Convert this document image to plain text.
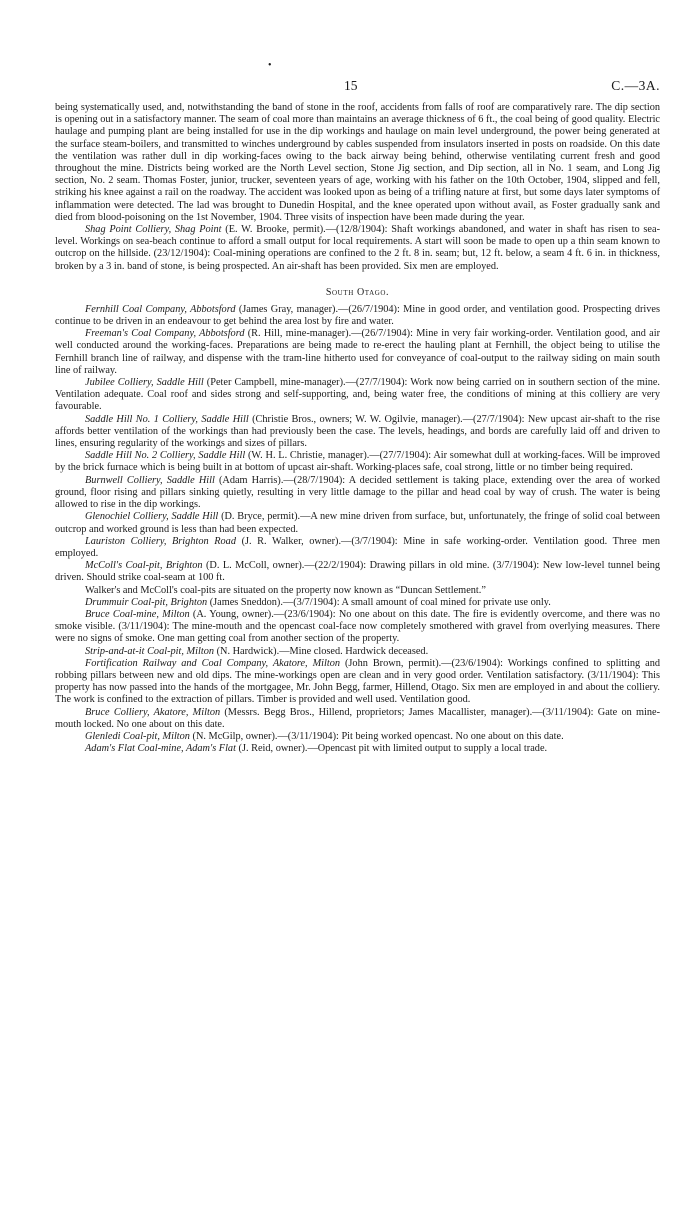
•
15	C.—3A.

being systematically used, and, notwithstanding the band of stone in the roof, accidents from falls of roof are comparatively rare. The dip section is opening out in a satisfactory manner. The seam of coal more than maintains an average thickness of 6 ft., the coal being of good quality. Electric haulage and pumping plant are being installed for use in the dip workings and haulage on main level underground, the power being generated at the surface steam-boilers, and transmitted to winches underground by cables suspended from insulators inserted in posts on roadside. On this date the ventilation was rather dull in dip working-faces owing to the back airway being behind, otherwise ventilating current fresh and good throughout the mine. Districts being worked are the North Level section, Stone Jig section, and Dip section, all in No. 1 seam, and Long Jig section, No. 2 seam. Thomas Foster, junior, trucker, seventeen years of age, working with his father on the 10th October, 1904, slipped and fell, striking his knee against a rail on the roadway. The accident was looked upon as being of a trifling nature at first, but some days later symptoms of inflammation were detected. The lad was brought to Dunedin Hospital, and the knee operated upon without avail, as Foster gradually sank and died from blood-poisoning on the 1st November, 1904. Three visits of inspection have been made during the year.

Shag Point Colliery, Shag Point (E. W. Brooke, permit).—(12/8/1904): Shaft workings abandoned, and water in shaft has risen to sea-level. Workings on sea-beach continue to afford a small output for local requirements. A start will soon be made to open up a thin seam known to outcrop on the hillside. (23/12/1904): Coal-mining operations are confined to the 2 ft. 8 in. seam; but, 12 ft. below, a seam 4 ft. 6 in. in thickness, broken by a 3 in. band of stone, is being prospected. An air-shaft has been provided. Six men are employed.

South Otago.

Fernhill Coal Company, Abbotsford (James Gray, manager).—(26/7/1904): Mine in good order, and ventilation good. Prospecting drives continue to be driven in an endeavour to get behind the area lost by fire and water.

Freeman's Coal Company, Abbotsford (R. Hill, mine-manager).—(26/7/1904): Mine in very fair working-order. Ventilation good, and air well conducted around the working-faces. Preparations are being made to re-erect the hauling plant at Fernhill, the object being to utilise the Fernhill branch line of railway, and dispense with the tram-line hitherto used for conveyance of coal-output to the railway siding on main south line of railway.

Jubilee Colliery, Saddle Hill (Peter Campbell, mine-manager).—(27/7/1904): Work now being carried on in southern section of the mine. Ventilation adequate. Coal roof and sides strong and self-supporting, and, being water free, the conditions of mining at this colliery are very favourable.

Saddle Hill No. 1 Colliery, Saddle Hill (Christie Bros., owners; W. W. Ogilvie, manager).—(27/7/1904): New upcast air-shaft to the rise affords better ventilation of the workings than had previously been the case. The levels, headings, and bords are carefully laid off and driven to lines, ensuring regularity of the workings and sizes of pillars.

Saddle Hill No. 2 Colliery, Saddle Hill (W. H. L. Christie, manager).—(27/7/1904): Air somewhat dull at working-faces. Will be improved by the brick furnace which is being built in at bottom of upcast air-shaft. Working-places safe, coal strong, little or no timber being required.

Burnwell Colliery, Saddle Hill (Adam Harris).—(28/7/1904): A decided settlement is taking place, extending over the area of worked ground, floor rising and pillars sinking quietly, resulting in very little damage to the pillar and head coal by way of crush. The water is being allowed to rise in the dip workings.

Glenochiel Colliery, Saddle Hill (D. Bryce, permit).—A new mine driven from surface, but, unfortunately, the fringe of solid coal between outcrop and worked ground is less than had been expected.

Lauriston Colliery, Brighton Road (J. R. Walker, owner).—(3/7/1904): Mine in safe working-order. Ventilation good. Three men employed.

McColl's Coal-pit, Brighton (D. L. McColl, owner).—(22/2/1904): Drawing pillars in old mine. (3/7/1904): New low-level tunnel being driven. Should strike coal-seam at 100 ft.

Walker's and McColl's coal-pits are situated on the property now known as “Duncan Settlement.”

Drummuir Coal-pit, Brighton (James Sneddon).—(3/7/1904): A small amount of coal mined for private use only.

Bruce Coal-mine, Milton (A. Young, owner).—(23/6/1904): No one about on this date. The fire is evidently overcome, and there was no smoke visible. (3/11/1904): The mine-mouth and the opencast coal-face now completely smothered with gravel from overlying measures. There were no signs of smoke. One man getting coal from another section of the property.

Strip-and-at-it Coal-pit, Milton (N. Hardwick).—Mine closed. Hardwick deceased.

Fortification Railway and Coal Company, Akatore, Milton (John Brown, permit).—(23/6/1904): Workings confined to splitting and robbing pillars between new and old dips. The mine-workings open are clean and in very good order. Ventilation satisfactory. (3/11/1904): This property has now passed into the hands of the mortgagee, Mr. John Begg, farmer, Hillend, Otago. Six men are employed in and about the colliery. The work is confined to the extraction of pillars. Timber is provided and well used. Ventilation good.

Bruce Colliery, Akatore, Milton (Messrs. Begg Bros., Hillend, proprietors; James Macallister, manager).—(3/11/1904): Gate on mine-mouth locked. No one about on this date.

Glenledi Coal-pit, Milton (N. McGilp, owner).—(3/11/1904): Pit being worked opencast. No one about on this date.

Adam's Flat Coal-mine, Adam's Flat (J. Reid, owner).—Opencast pit with limited output to supply a local trade.
